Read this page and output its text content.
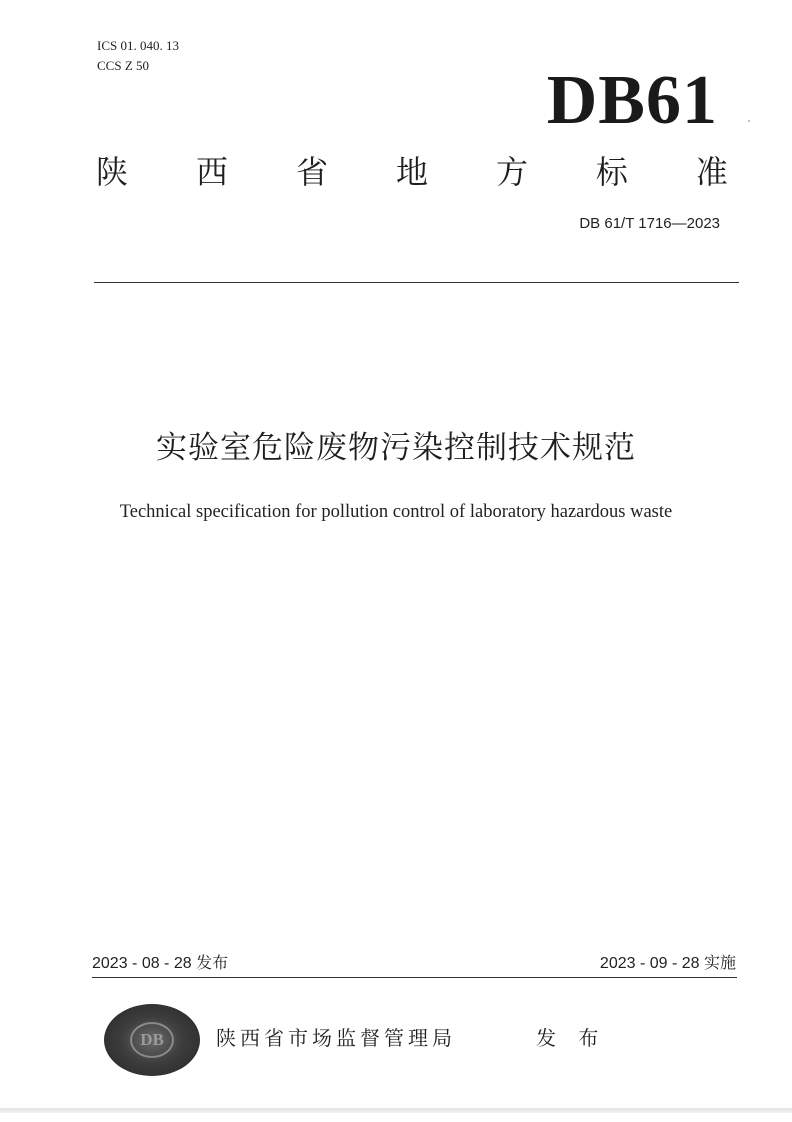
ICS 01. 040. 13
CCS Z 50	DB61
陕 西 省 地 方 标 准
DB 61/T 1716—2023
实验室危险废物污染控制技术规范
Technical specification for pollution control of laboratory hazardous waste
2023 - 08 - 28 发布	2023 - 09 - 28 实施
DB	陕西省市场监督管理局	发 布
